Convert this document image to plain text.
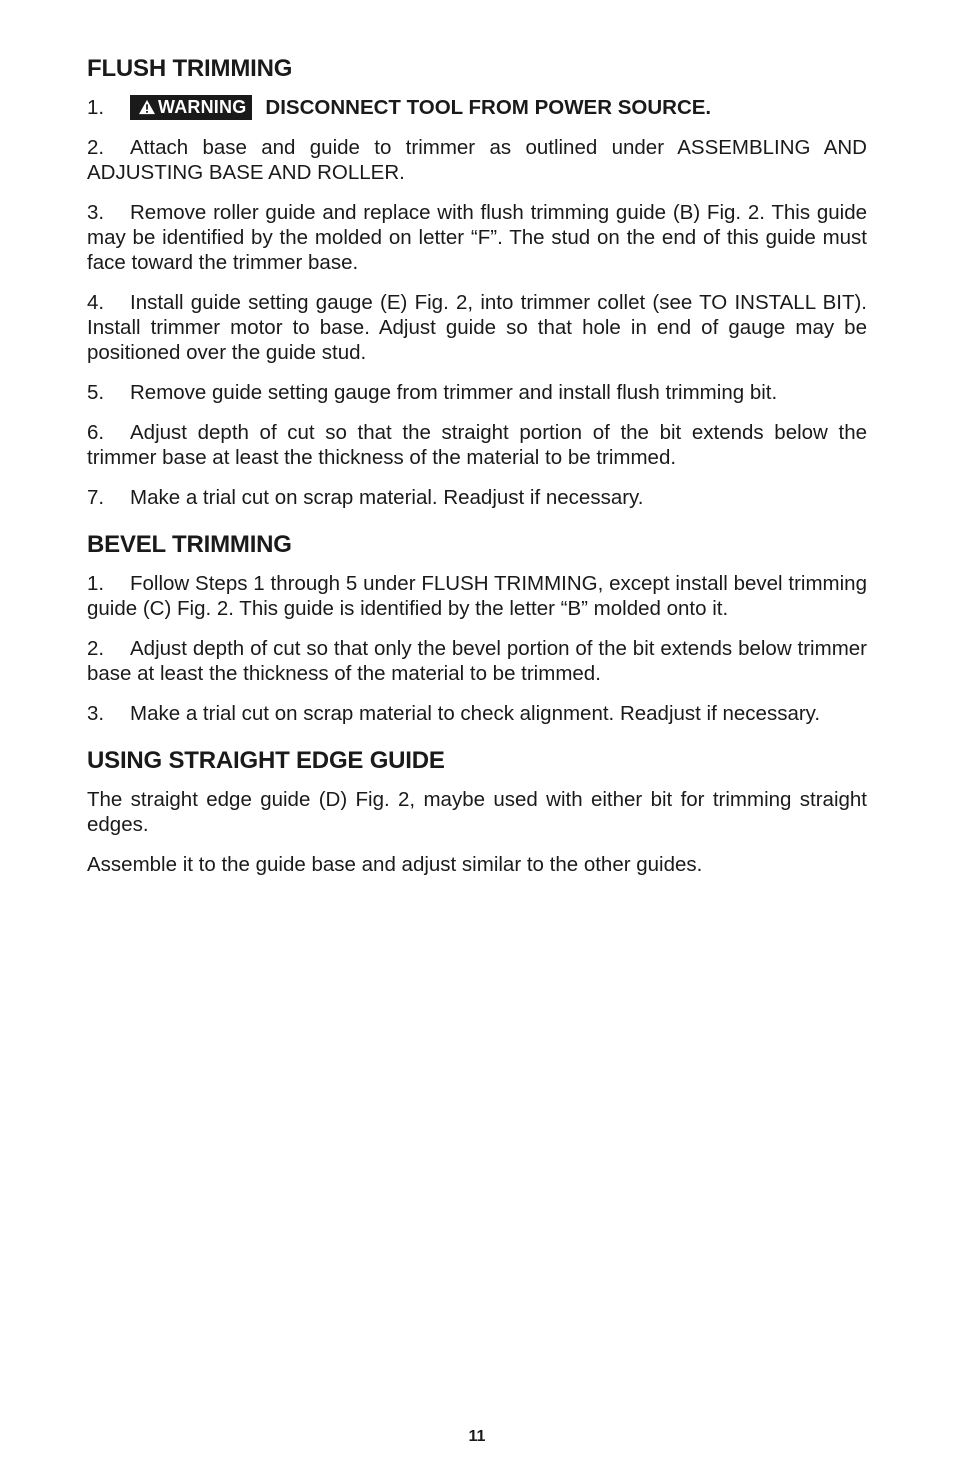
FLUSH TRIMMING
1.	WARNING DISCONNECT TOOL FROM POWER SOURCE.

2. Attach base and guide to trimmer as outlined under ASSEMBLING AND ADJUSTING BASE AND ROLLER.

3. Remove roller guide and replace with flush trimming guide (B) Fig. 2. This guide may be identified by the molded on letter “F”. The stud on the end of this guide must face toward the trimmer base.

4. Install guide setting gauge (E) Fig. 2, into trimmer collet (see TO INSTALL BIT). Install trimmer motor to base. Adjust guide so that hole in end of gauge may be positioned over the guide stud.

5. Remove guide setting gauge from trimmer and install flush trimming bit.

6. Adjust depth of cut so that the straight portion of the bit extends below the trimmer base at least the thickness of the material to be trimmed.

7. Make a trial cut on scrap material. Readjust if necessary.

BEVEL TRIMMING

1. Follow Steps 1 through 5 under FLUSH TRIMMING, except install bevel trimming guide (C) Fig. 2. This guide is identified by the letter “B” molded onto it.

2. Adjust depth of cut so that only the bevel portion of the bit extends below trimmer base at least the thickness of the material to be trimmed.

3. Make a trial cut on scrap material to check alignment. Readjust if necessary.

USING STRAIGHT EDGE GUIDE

The straight edge guide (D) Fig. 2, maybe used with either bit for trimming straight edges.

Assemble it to the guide base and adjust similar to the other guides.

11
